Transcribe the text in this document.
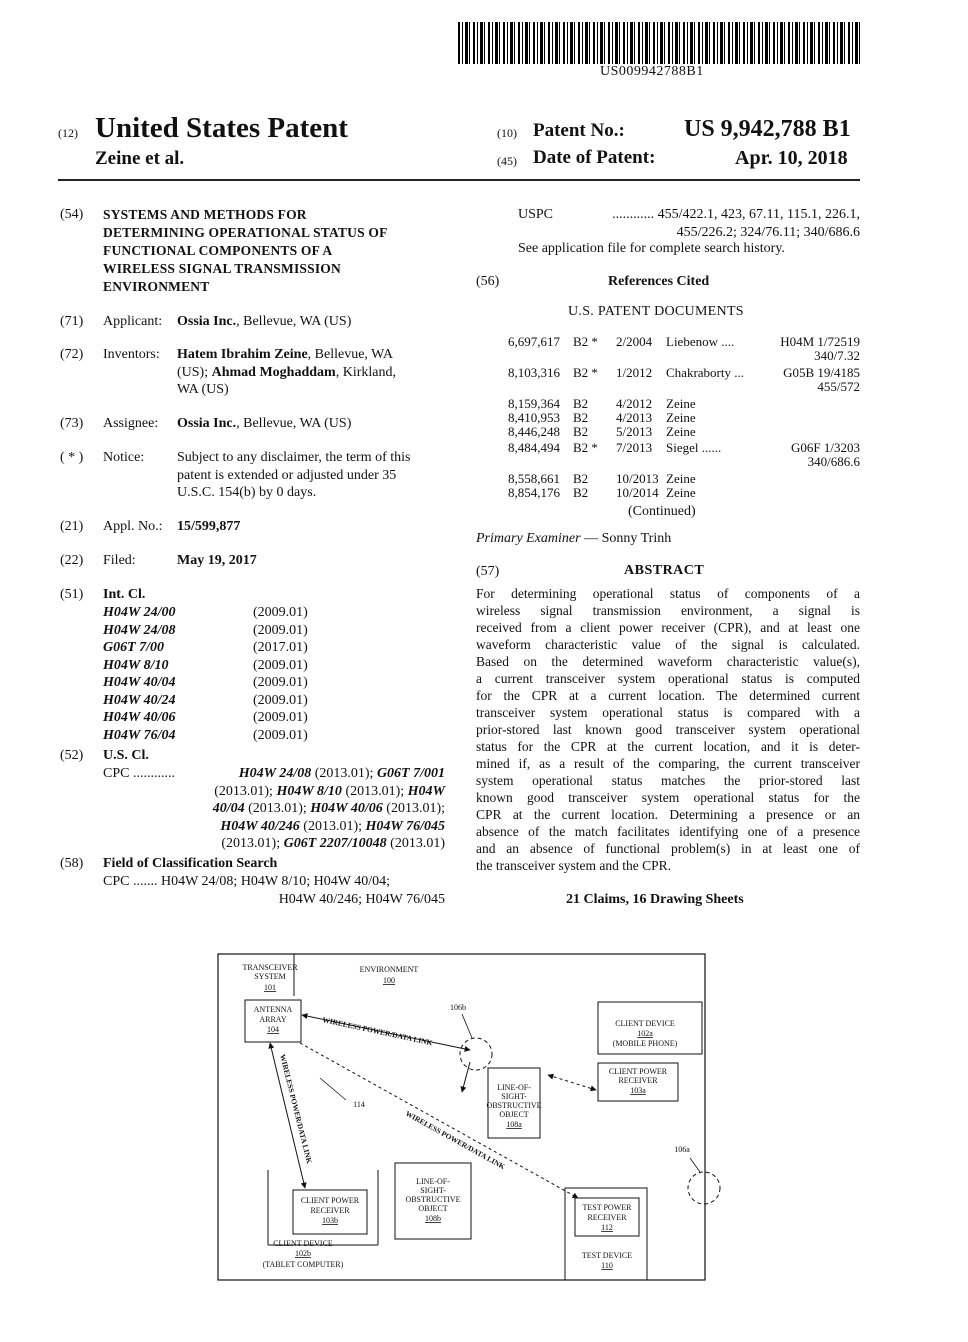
US009942788B1
(12) United States Patent
Zeine et al.
(10) Patent No.: US 9,942,788 B1
(45) Date of Patent:	Apr. 10, 2018
(54) SYSTEMS AND METHODS FOR
DETERMINING OPERATIONAL STATUS OF
FUNCTIONAL COMPONENTS OF A
WIRELESS SIGNAL TRANSMISSION
ENVIRONMENT
(71) Applicant: Ossia Inc., Bellevue, WA (US)
(72) Inventors: Hatem Ibrahim Zeine, Bellevue, WA
(US); Ahmad Moghaddam, Kirkland,
WA (US)
(73) Assignee: Ossia Inc., Bellevue, WA (US)
( * ) Notice: Subject to any disclaimer, the term of this
patent is extended or adjusted under 35
U.S.C. 154(b) by 0 days.
(21) Appl. No.: 15/599,877
(22) Filed:	May 19, 2017
(51) Int. Cl.
H04W 24/00	(2009.01)
H04W 24/08	(2009.01)
G06T 7/00	(2017.01)
H04W 8/10	(2009.01)
H04W 40/04	(2009.01)
H04W 40/24	(2009.01)
H04W 40/06	(2009.01)
H04W 76/04	(2009.01)
(52) U.S. Cl.
CPC ............	H04W 24/08 (2013.01); G06T 7/001
(2013.01); H04W 8/10 (2013.01); H04W
40/04 (2013.01); H04W 40/06 (2013.01);
H04W 40/246 (2013.01); H04W 76/045
(2013.01); G06T 2207/10048 (2013.01)
(58) Field of Classification Search
CPC ....... H04W 24/08; H04W 8/10; H04W 40/04;
H04W 40/246; H04W 76/045
USPC	............ 455/422.1, 423, 67.11, 115.1, 226.1,
455/226.2; 324/76.11; 340/686.6
See application file for complete search history.
(56)	References Cited
U.S. PATENT DOCUMENTS
6,697,617 B2 * 2/2004 Liebenow ....	H04M 1/72519
340/7.32
8,103,316 B2 * 1/2012 Chakraborty ...	G05B 19/4185
455/572
8,159,364 B2 4/2012 Zeine
8,410,953 B2 4/2013 Zeine
8,446,248 B2 5/2013 Zeine
8,484,494 B2 * 7/2013 Siegel ......	G06F 1/3203
340/686.6
8,558,661 B2 10/2013 Zeine
8,854,176 B2 10/2014 Zeine
(Continued)
Primary Examiner — Sonny Trinh
(57)	ABSTRACT
For determining operational status of components of a
wireless signal transmission environment, a signal is
received from a client power receiver (CPR), and at least one
waveform characteristic value of the signal is calculated.
Based on the determined waveform characteristic value(s),
a current transceiver system operational status is computed
for the CPR at a current location. The determined current
transceiver system operational status is compared with a
prior-stored last known good transceiver system operational
status for the CPR at the current location, and it is deter-
mined if, as a result of the comparing, the current transceiver
system operational status matches the prior-stored last
known good transceiver system operational status for the
CPR at the current location. Determining a presence or an
absence of the match facilitates identifying one of a presence
and an absence of functional problem(s) in at least one of
the transceiver system and the CPR.
21 Claims, 16 Drawing Sheets
TRANSCEIVER
SYSTEM
101
ENVIRONMENT
100
ANTENNA
ARRAY
104
106b
CLIENT DEVICE
102a
(MOBILE PHONE)
CLIENT POWER
RECEIVER
103a
LINE-OF-
SIGHT-
OBSTRUCTIVE
OBJECT
108a
114
106a
LINE-OF-
SIGHT-
OBSTRUCTIVE
OBJECT
108b
CLIENT POWER
RECEIVER
103b
CLIENT DEVICE
102b
(TABLET COMPUTER)
TEST POWER
RECEIVER
112
TEST DEVICE
110
WIRELESS POWER/DATA LINK
WIRELESS POWER/DATA LINK	WIRELESS POWER/DATA LINK
